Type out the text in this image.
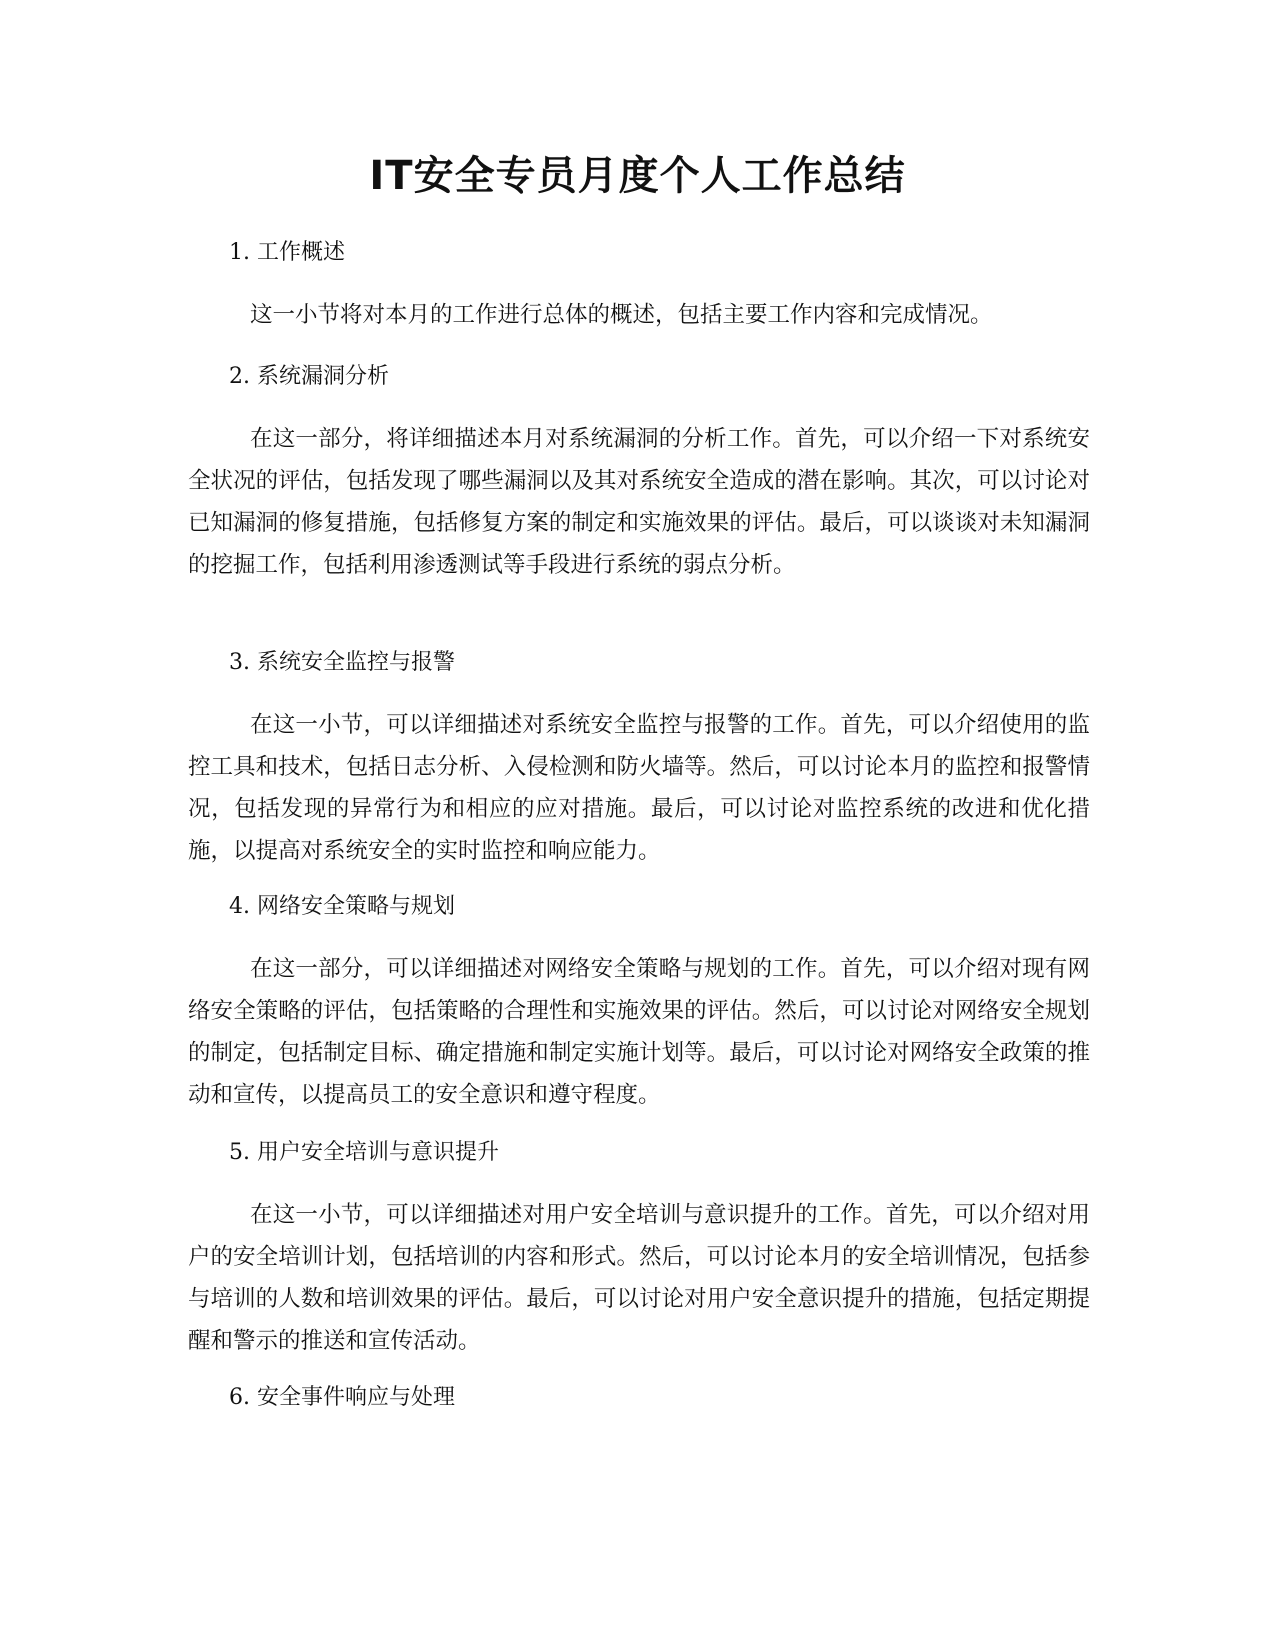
IT安全专员月度个人工作总结
1. 工作概述

这一小节将对本月的工作进行总体的概述，包括主要工作内容和完成情况。

2. 系统漏洞分析

在这一部分，将详细描述本月对系统漏洞的分析工作。首先，可以介绍一下对系统安全状况的评估，包括发现了哪些漏洞以及其对系统安全造成的潜在影响。其次，可以讨论对已知漏洞的修复措施，包括修复方案的制定和实施效果的评估。最后，可以谈谈对未知漏洞的挖掘工作，包括利用渗透测试等手段进行系统的弱点分析。

3. 系统安全监控与报警

在这一小节，可以详细描述对系统安全监控与报警的工作。首先，可以介绍使用的监控工具和技术，包括日志分析、入侵检测和防火墙等。然后，可以讨论本月的监控和报警情况，包括发现的异常行为和相应的应对措施。最后，可以讨论对监控系统的改进和优化措施，以提高对系统安全的实时监控和响应能力。

4. 网络安全策略与规划

在这一部分，可以详细描述对网络安全策略与规划的工作。首先，可以介绍对现有网络安全策略的评估，包括策略的合理性和实施效果的评估。然后，可以讨论对网络安全规划的制定，包括制定目标、确定措施和制定实施计划等。最后，可以讨论对网络安全政策的推动和宣传，以提高员工的安全意识和遵守程度。

5. 用户安全培训与意识提升

在这一小节，可以详细描述对用户安全培训与意识提升的工作。首先，可以介绍对用户的安全培训计划，包括培训的内容和形式。然后，可以讨论本月的安全培训情况，包括参与培训的人数和培训效果的评估。最后，可以讨论对用户安全意识提升的措施，包括定期提醒和警示的推送和宣传活动。

6. 安全事件响应与处理
